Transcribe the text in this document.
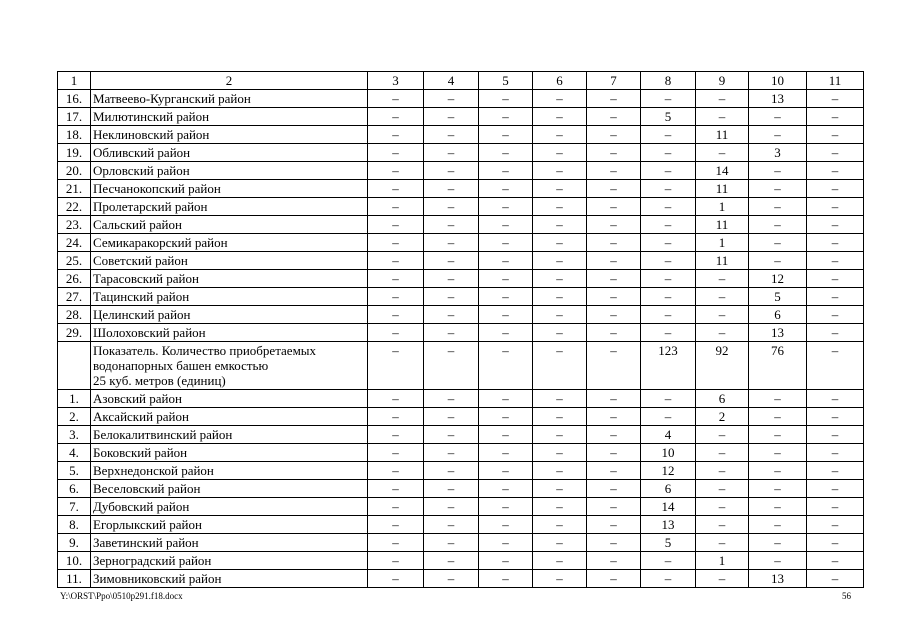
1	2	3	4	5	6	7	8	9	10	11
16.	Матвеево-Курганский район	–	–	–	–	–	–	–	13	–
17.	Милютинский район	–	–	–	–	–	5	–	–	–
18.	Неклиновский район	–	–	–	–	–	–	11	–	–
19.	Обливский район	–	–	–	–	–	–	–	3	–
20.	Орловский район	–	–	–	–	–	–	14	–	–
21.	Песчанокопский район	–	–	–	–	–	–	11	–	–
22.	Пролетарский район	–	–	–	–	–	–	1	–	–
23.	Сальский район	–	–	–	–	–	–	11	–	–
24.	Семикаракорский район	–	–	–	–	–	–	1	–	–
25.	Советский район	–	–	–	–	–	–	11	–	–
26.	Тарасовский район	–	–	–	–	–	–	–	12	–
27.	Тацинский район	–	–	–	–	–	–	–	5	–
28.	Целинский район	–	–	–	–	–	–	–	6	–
29.	Шолоховский район	–	–	–	–	–	–	–	13	–

	Показатель. Количество приобретаемых
водонапорных башен емкостью
25 куб. метров (единиц)	–	–	–	–	–	123	92	76	–
1.	Азовский район	–	–	–	–	–	–	6	–	–
2.	Аксайский район	–	–	–	–	–	–	2	–	–
3.	Белокалитвинский район	–	–	–	–	–	4	–	–	–
4.	Боковский район	–	–	–	–	–	10	–	–	–
5.	Верхнедонской район	–	–	–	–	–	12	–	–	–
6.	Веселовский район	–	–	–	–	–	6	–	–	–
7.	Дубовский район	–	–	–	–	–	14	–	–	–
8.	Егорлыкский район	–	–	–	–	–	13	–	–	–
9.	Заветинский район	–	–	–	–	–	5	–	–	–
10.	Зерноградский район	–	–	–	–	–	–	1	–	–
11.	Зимовниковский район	–	–	–	–	–	–	–	13	–
Y:\ORST\Ppo\0510p291.f18.docx	56
